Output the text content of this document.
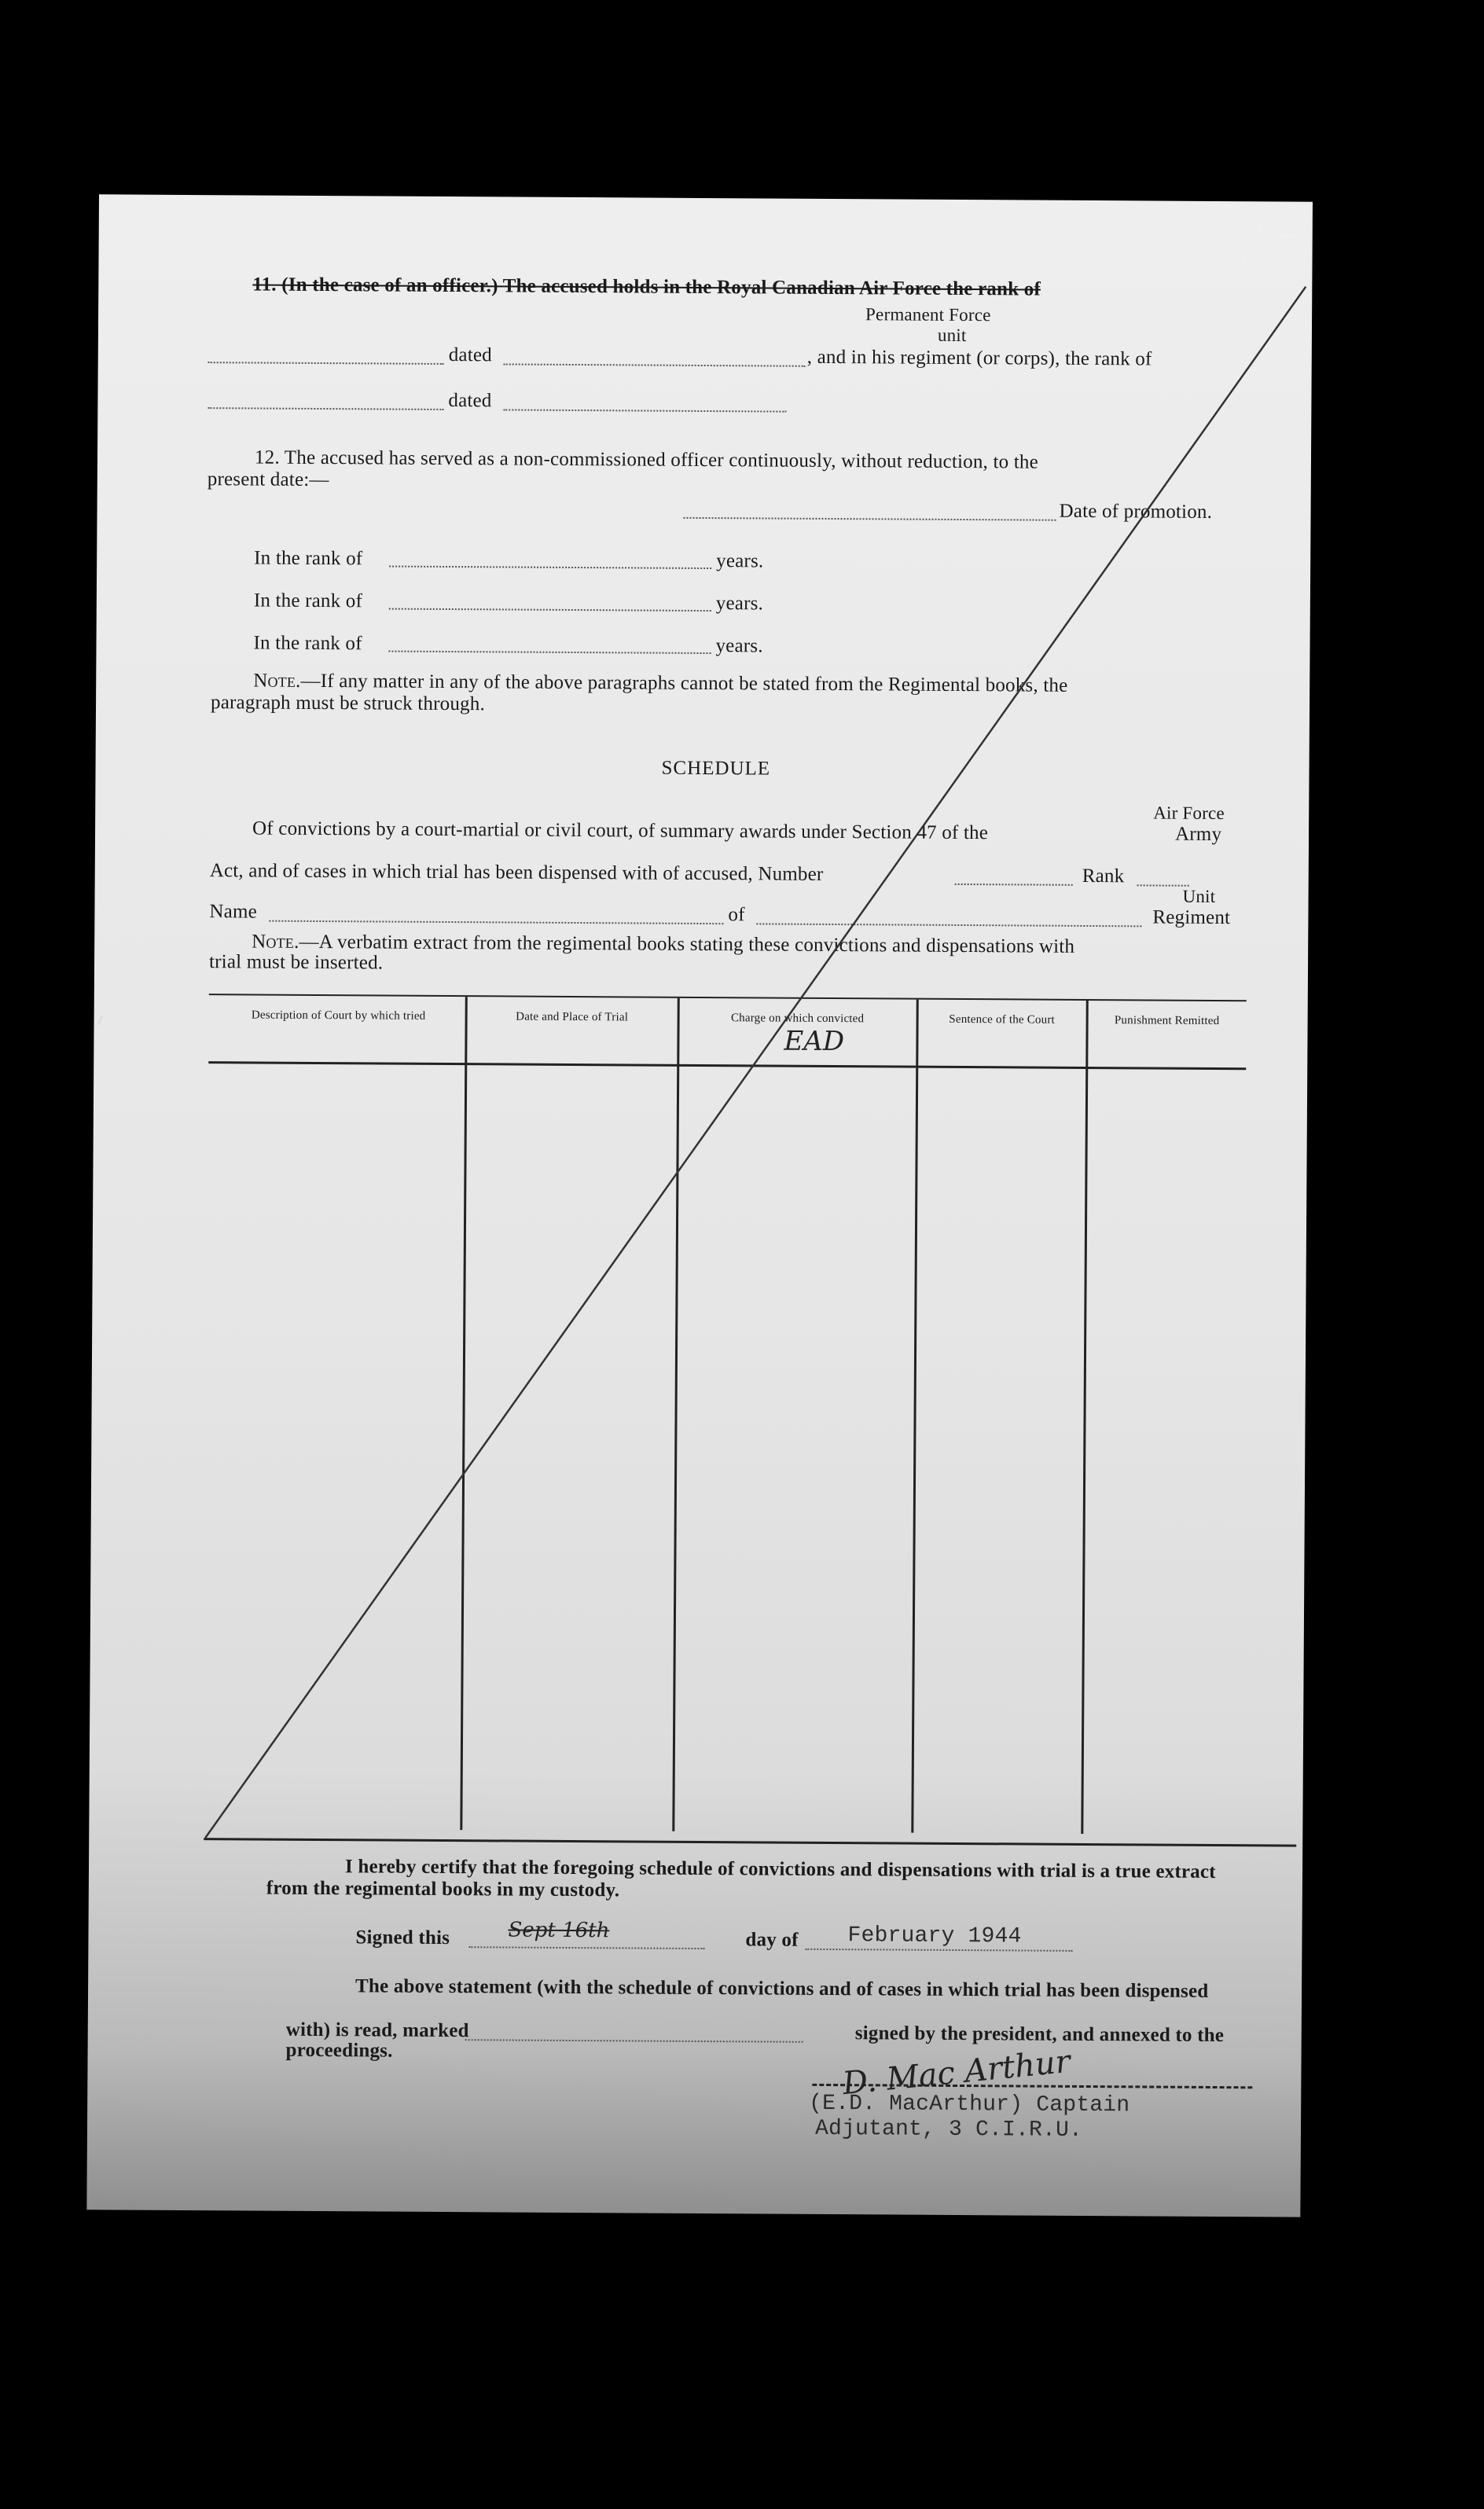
11. (In the case of an officer.) The accused holds in the Royal Canadian Air Force the rank of
Permanent Force
unit
dated	, and in his regiment (or corps), the rank of
dated
12. The accused has served as a non-commissioned officer continuously, without reduction, to the
present date:—
Date of promotion.
In the rank of	years.
In the rank of	years.
In the rank of	years.
Note.—If any matter in any of the above paragraphs cannot be stated from the Regimental books, the
paragraph must be struck through.
SCHEDULE
Air Force
Of convictions by a court-martial or civil court, of summary awards under Section 47 of the	Army
Act, and of cases in which trial has been dispensed with of accused, Number	Rank
Unit
Name	of	Regiment
Note.—A verbatim extract from the regimental books stating these convictions and dispensations with
trial must be inserted.
Description of Court by which tried	Date and Place of Trial	Charge on which convicted	Sentence of the Court	Punishment Remitted
EAD
I hereby certify that the foregoing schedule of convictions and dispensations with trial is a true extract
from the regimental books in my custody.
Signed this	Sept 16th	day of February 1944
The above statement (with the schedule of convictions and of cases in which trial has been dispensed
with) is read, marked	signed by the president, and annexed to the
proceedings.	D. Mac Arthur
(E.D. MacArthur) Captain
Adjutant, 3 C.I.R.U.
